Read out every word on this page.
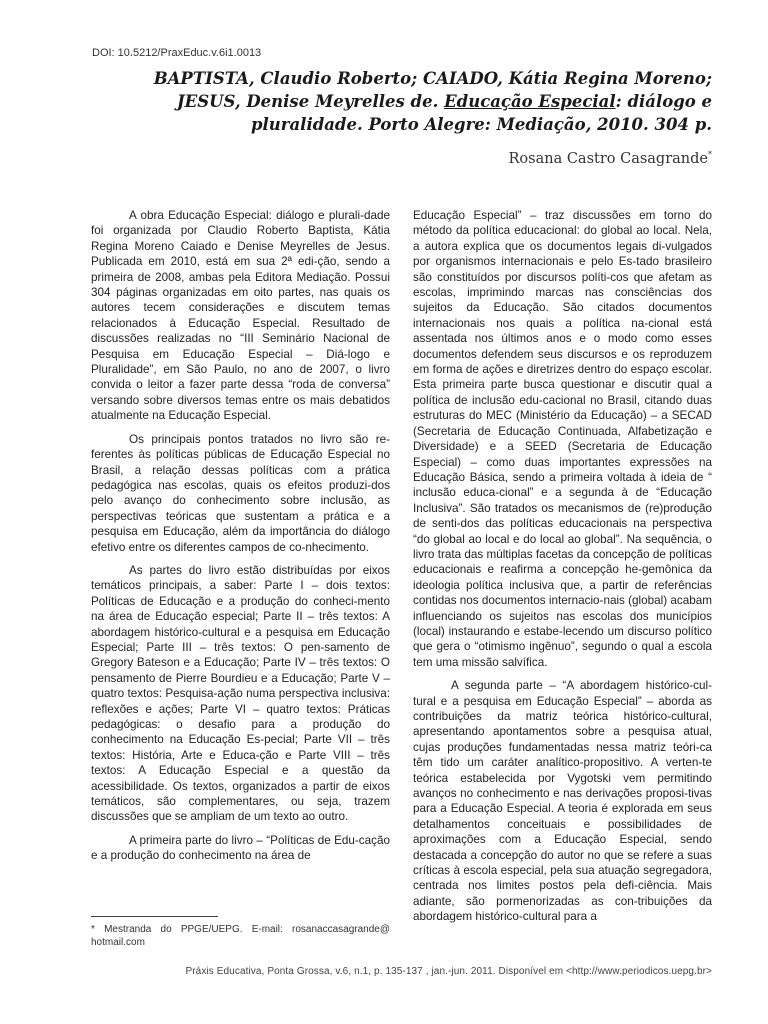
DOI: 10.5212/PraxEduc.v.6i1.0013
BAPTISTA, Claudio Roberto; CAIADO, Kátia Regina Moreno; JESUS, Denise Meyrelles de. Educação Especial: diálogo e pluralidade. Porto Alegre: Mediação, 2010. 304 p.
Rosana Castro Casagrande*

A obra Educação Especial: diálogo e plurali-dade foi organizada por Claudio Roberto Baptista, Kátia Regina Moreno Caiado e Denise Meyrelles de Jesus. Publicada em 2010, está em sua 2ª edi-ção, sendo a primeira de 2008, ambas pela Editora Mediação. Possui 304 páginas organizadas em oito partes, nas quais os autores tecem considerações e discutem temas relacionados à Educação Especial. Resultado de discussões realizadas no “III Seminário Nacional de Pesquisa em Educação Especial – Diá-logo e Pluralidade”, em São Paulo, no ano de 2007, o livro convida o leitor a fazer parte dessa “roda de conversa” versando sobre diversos temas entre os mais debatidos atualmente na Educação Especial.

Os principais pontos tratados no livro são re-ferentes às políticas públicas de Educação Especial no Brasil, a relação dessas políticas com a prática pedagógica nas escolas, quais os efeitos produzi-dos pelo avanço do conhecimento sobre inclusão, as perspectivas teóricas que sustentam a prática e a pesquisa em Educação, além da importância do diálogo efetivo entre os diferentes campos de co-nhecimento.

As partes do livro estão distribuídas por eixos temáticos principais, a saber: Parte I – dois textos: Políticas de Educação e a produção do conheci-mento na área de Educação especial; Parte II – três textos: A abordagem histórico-cultural e a pesquisa em Educação Especial; Parte III – três textos: O pen-samento de Gregory Bateson e a Educação; Parte IV – três textos: O pensamento de Pierre Bourdieu e a Educação; Parte V – quatro textos: Pesquisa-ação numa perspectiva inclusiva: reflexões e ações; Parte VI – quatro textos: Práticas pedagógicas: o desafio para a produção do conhecimento na Educação Es-pecial; Parte VII – três textos: História, Arte e Educa-ção e Parte VIII – três textos: A Educação Especial e a questão da acessibilidade. Os textos, organizados a partir de eixos temáticos, são complementares, ou seja, trazem discussões que se ampliam de um texto ao outro.

A primeira parte do livro – “Políticas de Edu-cação e a produção do conhecimento na área de

Educação Especial” – traz discussões em torno do método da política educacional: do global ao local. Nela, a autora explica que os documentos legais di-vulgados por organismos internacionais e pelo Es-tado brasileiro são constituídos por discursos políti-cos que afetam as escolas, imprimindo marcas nas consciências dos sujeitos da Educação. São citados documentos internacionais nos quais a política na-cional está assentada nos últimos anos e o modo como esses documentos defendem seus discursos e os reproduzem em forma de ações e diretrizes dentro do espaço escolar. Esta primeira parte busca questionar e discutir qual a política de inclusão edu-cacional no Brasil, citando duas estruturas do MEC (Ministério da Educação) – a SECAD (Secretaria de Educação Continuada, Alfabetização e Diversidade) e a SEED (Secretaria de Educação Especial) – como duas importantes expressões na Educação Básica, sendo a primeira voltada à ideia de “ inclusão educa-cional” e a segunda à de “Educação Inclusiva”. São tratados os mecanismos de (re)produção de senti-dos das políticas educacionais na perspectiva “do global ao local e do local ao global”. Na sequência, o livro trata das múltiplas facetas da concepção de políticas educacionais e reafirma a concepção he-gemônica da ideologia política inclusiva que, a partir de referências contidas nos documentos internacio-nais (global) acabam influenciando os sujeitos nas escolas dos municípios (local) instaurando e estabe-lecendo um discurso político que gera o “otimismo ingênuo”, segundo o qual a escola tem uma missão salvífica.

A segunda parte – “A abordagem histórico-cul-tural e a pesquisa em Educação Especial” – aborda as contribuições da matriz teórica histórico-cultural, apresentando apontamentos sobre a pesquisa atual, cujas produções fundamentadas nessa matriz teóri-ca têm tido um caráter analítico-propositivo. A verten-te teórica estabelecida por Vygotski vem permitindo avanços no conhecimento e nas derivações proposi-tivas para a Educação Especial. A teoria é explorada em seus detalhamentos conceituais e possibilidades de aproximações com a Educação Especial, sendo destacada a concepção do autor no que se refere a suas críticas à escola especial, pela sua atuação segregadora, centrada nos limites postos pela defi-ciência. Mais adiante, são pormenorizadas as con-tribuições da abordagem histórico-cultural para a

* Mestranda do PPGE/UEPG. E-mail: rosanaccasagrande@ hotmail.com
Práxis Educativa, Ponta Grossa, v.6, n.1, p. 135-137 , jan.-jun. 2011. Disponível em <http://www.periodicos.uepg.br>
